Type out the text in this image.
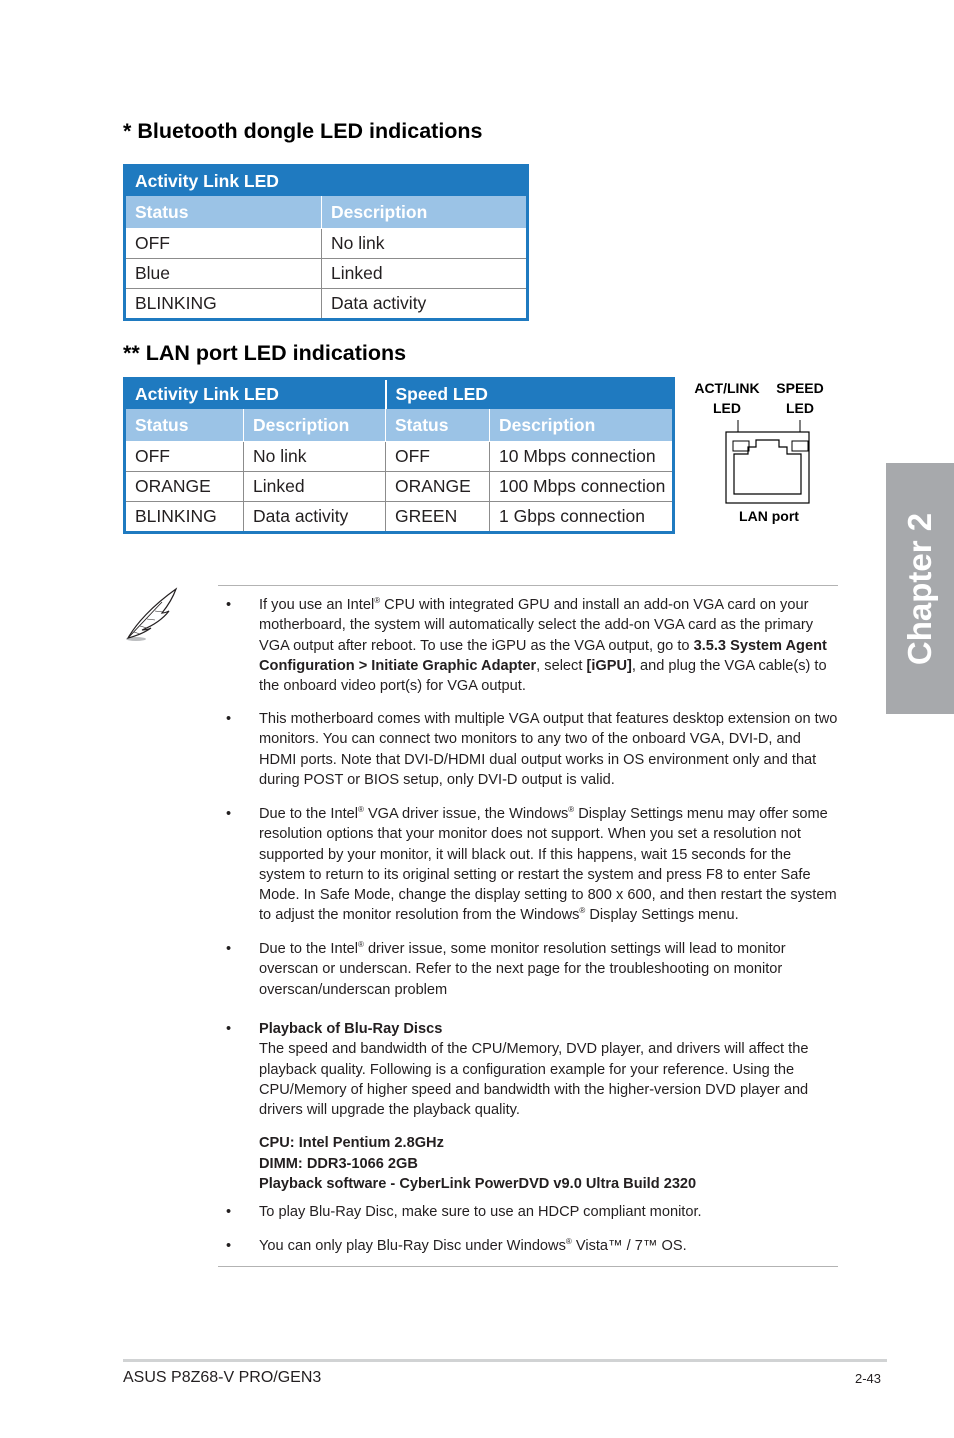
* Bluetooth dongle LED indications
Activity Link LED	
Status	Description
OFF	No link
Blue	Linked
BLINKING	Data activity
** LAN port LED indications
Activity Link LED		Speed LED	
Status	Description	Status	Description
OFF	No link	OFF	10 Mbps connection
ORANGE	Linked	ORANGE	100 Mbps connection
BLINKING	Data activity	GREEN	1 Gbps connection
ACT/LINK
LED
SPEED
LED
LAN port	Chapter 2
•	If you use an Intel® CPU with integrated GPU and install an add-on VGA card on your motherboard, the system will automatically select the add-on VGA card as the primary VGA output after reboot. To use the iGPU as the VGA output, go to 3.5.3 System Agent Configuration > Initiate Graphic Adapter, select [iGPU], and plug the VGA cable(s) to the onboard video port(s) for VGA output.
•	This motherboard comes with multiple VGA output that features desktop extension on two monitors. You can connect two monitors to any two of the onboard VGA, DVI-D, and HDMI ports. Note that DVI-D/HDMI dual output works in OS environment only and that during POST or BIOS setup, only DVI-D output is valid.
•	Due to the Intel® VGA driver issue, the Windows® Display Settings menu may offer some resolution options that your monitor does not support. When you set a resolution not supported by your monitor, it will black out. If this happens, wait 15 seconds for the system to return to its original setting or restart the system and press F8 to enter Safe Mode. In Safe Mode, change the display setting to 800 x 600, and then restart the system to adjust the monitor resolution from the Windows® Display Settings menu.
•	Due to the Intel® driver issue, some monitor resolution settings will lead to monitor overscan or underscan. Refer to the next page for the troubleshooting on monitor overscan/underscan problem
•	Playback of Blu-Ray Discs
The speed and bandwidth of the CPU/Memory, DVD player, and drivers will affect the playback quality. Following is a configuration example for your reference. Using the CPU/Memory of higher speed and bandwidth with the higher-version DVD player and drivers will upgrade the playback quality.
CPU: Intel Pentium 2.8GHz
DIMM: DDR3-1066 2GB
Playback software - CyberLink PowerDVD v9.0 Ultra Build 2320
•	To play Blu-Ray Disc, make sure to use an HDCP compliant monitor.
•	You can only play Blu-Ray Disc under Windows® Vista™ / 7™ OS.
ASUS P8Z68-V PRO/GEN3	2-43
